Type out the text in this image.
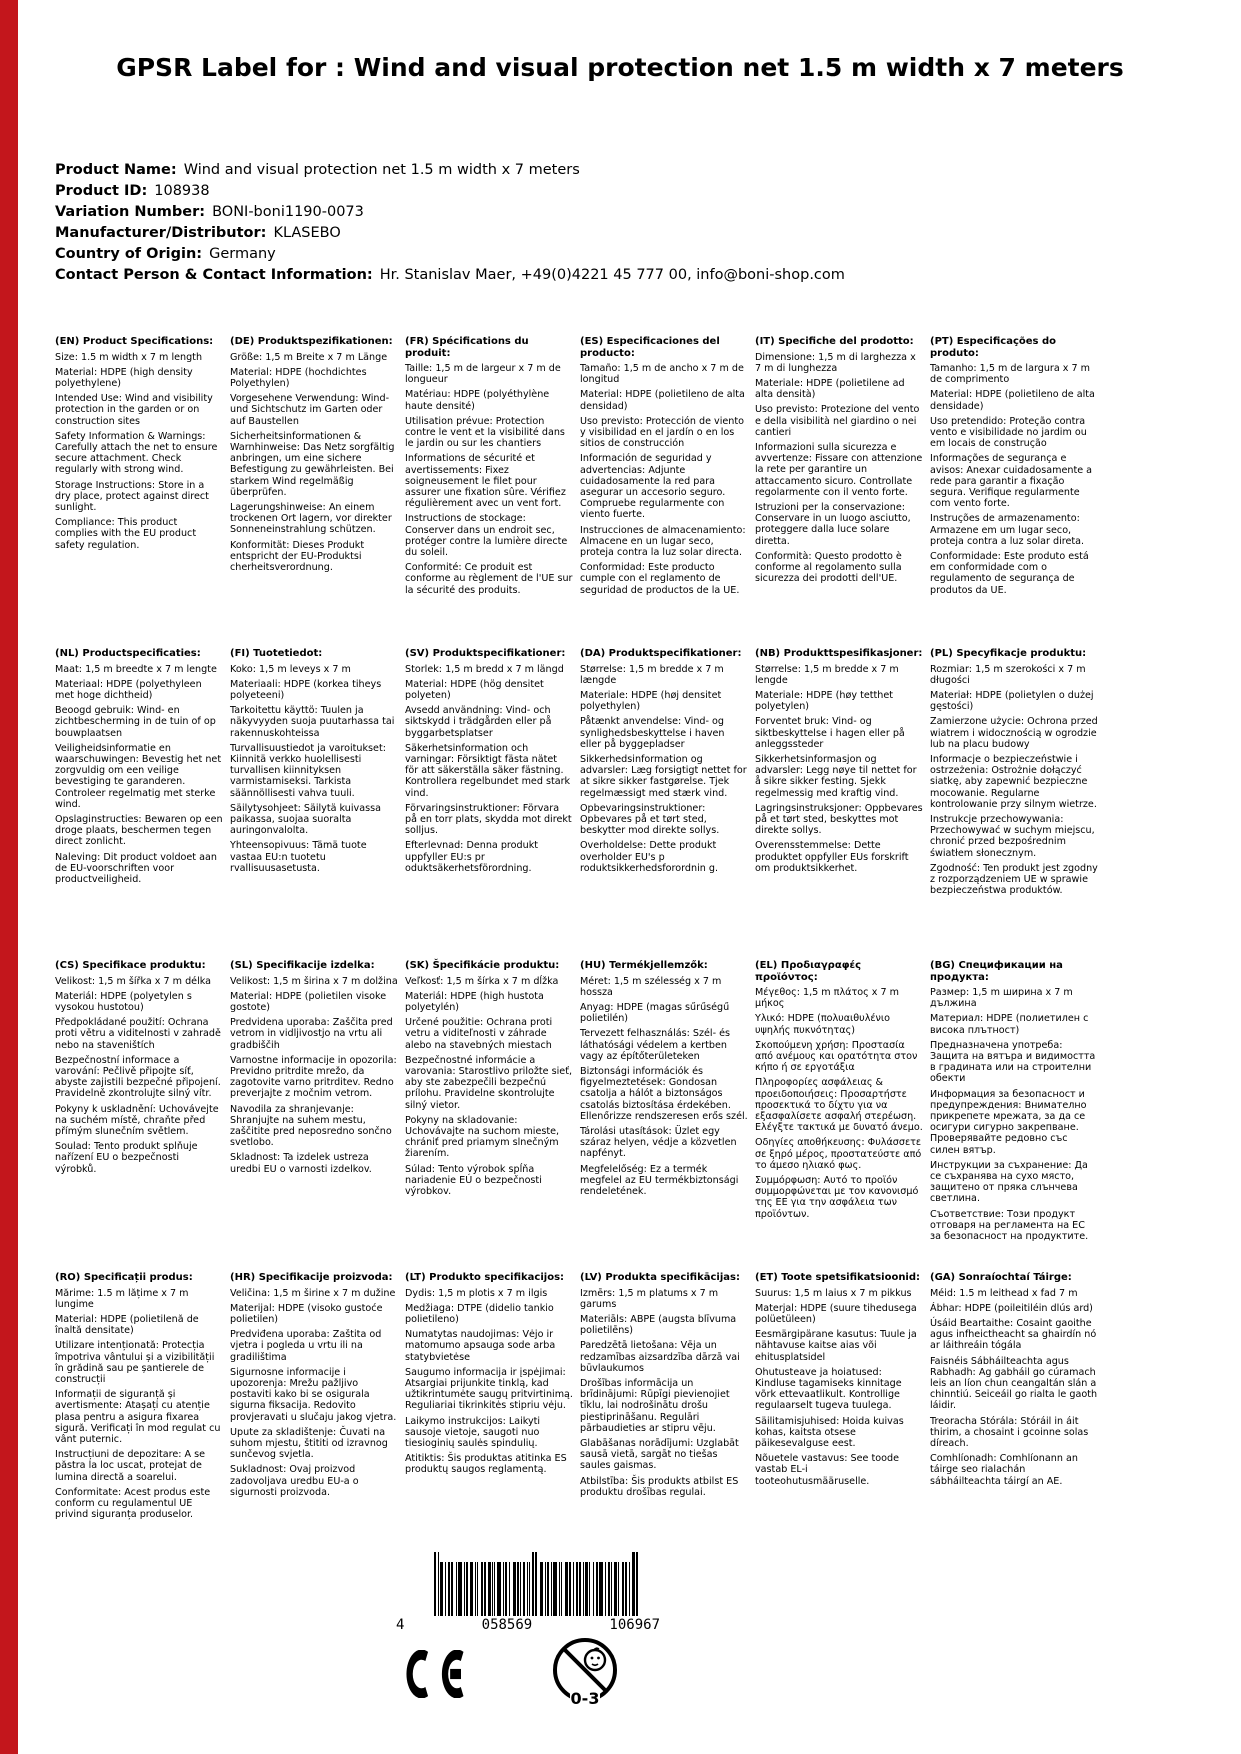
GPSR Label for : Wind and visual protection net 1.5 m width x 7 meters
Product Name: Wind and visual protection net 1.5 m width x 7 meters
Product ID: 108938
Variation Number: BONI-boni1190-0073
Manufacturer/Distributor: KLASEBO
Country of Origin: Germany
Contact Person & Contact Information: Hr. Stanislav Maer, +49(0)4221 45 777 00, info@boni-shop.com
(EN) Product Specifications:

Size: 1.5 m width x 7 m length

Material: HDPE (high density polyethylene)

Intended Use: Wind and visibility protection in the garden or on construction sites

Safety Information & Warnings: Carefully attach the net to ensure secure attachment. Check regularly with strong wind.

Storage Instructions: Store in a dry place, protect against direct sunlight.

Compliance: This product complies with the EU product safety regulation.

(DE) Produktspezifikationen:

Größe: 1,5 m Breite x 7 m Länge

Material: HDPE (hochdichtes Polyethylen)

Vorgesehene Verwendung: Wind- und Sichtschutz im Garten oder auf Baustellen

Sicherheitsinformationen & Warnhinweise: Das Netz sorgfältig anbringen, um eine sichere Befestigung zu gewährleisten. Bei starkem Wind regelmäßig überprüfen.

Lagerungshinweise: An einem trockenen Ort lagern, vor direkter Sonneneinstrahlung schützen.

Konformität: Dieses Produkt entspricht der EU-Produktsi cherheitsverordnung.

(FR) Spécifications du produit:

Taille: 1,5 m de largeur x 7 m de longueur

Matériau: HDPE (polyéthylène haute densité)

Utilisation prévue: Protection contre le vent et la visibilité dans le jardin ou sur les chantiers

Informations de sécurité et avertissements: Fixez soigneusement le filet pour assurer une fixation sûre. Vérifiez régulièrement avec un vent fort.

Instructions de stockage: Conserver dans un endroit sec, protéger contre la lumière directe du soleil.

Conformité: Ce produit est conforme au règlement de l'UE sur la sécurité des produits.

(ES) Especificaciones del producto:

Tamaño: 1,5 m de ancho x 7 m de longitud

Material: HDPE (polietileno de alta densidad)

Uso previsto: Protección de viento y visibilidad en el jardín o en los sitios de construcción

Información de seguridad y advertencias: Adjunte cuidadosamente la red para asegurar un accesorio seguro. Compruebe regularmente con viento fuerte.

Instrucciones de almacenamiento: Almacene en un lugar seco, proteja contra la luz solar directa.

Conformidad: Este producto cumple con el reglamento de seguridad de productos de la UE.

(IT) Specifiche del prodotto:

Dimensione: 1,5 m di larghezza x 7 m di lunghezza

Materiale: HDPE (polietilene ad alta densità)

Uso previsto: Protezione del vento e della visibilità nel giardino o nei cantieri

Informazioni sulla sicurezza e avvertenze: Fissare con attenzione la rete per garantire un attaccamento sicuro. Controllate regolarmente con il vento forte.

Istruzioni per la conservazione: Conservare in un luogo asciutto, proteggere dalla luce solare diretta.

Conformità: Questo prodotto è conforme al regolamento sulla sicurezza dei prodotti dell'UE.

(PT) Especificações do produto:

Tamanho: 1,5 m de largura x 7 m de comprimento

Material: HDPE (polietileno de alta densidade)

Uso pretendido: Proteção contra vento e visibilidade no jardim ou em locais de construção

Informações de segurança e avisos: Anexar cuidadosamente a rede para garantir a fixação segura. Verifique regularmente com vento forte.

Instruções de armazenamento: Armazene em um lugar seco, proteja contra a luz solar direta.

Conformidade: Este produto está em conformidade com o regulamento de segurança de produtos da UE.

(NL) Productspecificaties:

Maat: 1,5 m breedte x 7 m lengte

Materiaal: HDPE (polyethyleen met hoge dichtheid)

Beoogd gebruik: Wind- en zichtbescherming in de tuin of op bouwplaatsen

Veiligheidsinformatie en waarschuwingen: Bevestig het net zorgvuldig om een veilige bevestiging te garanderen. Controleer regelmatig met sterke wind.

Opslaginstructies: Bewaren op een droge plaats, beschermen tegen direct zonlicht.

Naleving: Dit product voldoet aan de EU-voorschriften voor productveiligheid.

(FI) Tuotetiedot:

Koko: 1,5 m leveys x 7 m

Materiaali: HDPE (korkea tiheys polyeteeni)

Tarkoitettu käyttö: Tuulen ja näkyvyyden suoja puutarhassa tai rakennuskohteissa

Turvallisuustiedot ja varoitukset: Kiinnitä verkko huolellisesti turvallisen kiinnityksen varmistamiseksi. Tarkista säännöllisesti vahva tuuli.

Säilytysohjeet: Säilytä kuivassa paikassa, suojaa suoralta auringonvalolta.

Yhteensopivuus: Tämä tuote vastaa EU:n tuotetu rvallisuusasetusta.

(SV) Produktspecifikationer:

Storlek: 1,5 m bredd x 7 m längd

Material: HDPE (hög densitet polyeten)

Avsedd användning: Vind- och siktskydd i trädgården eller på byggarbetsplatser

Säkerhetsinformation och varningar: Försiktigt fästa nätet för att säkerställa säker fästning. Kontrollera regelbundet med stark vind.

Förvaringsinstruktioner: Förvara på en torr plats, skydda mot direkt solljus.

Efterlevnad: Denna produkt uppfyller EU:s pr oduktsäkerhetsförordning.

(DA) Produktspecifikationer:

Størrelse: 1,5 m bredde x 7 m længde

Materiale: HDPE (høj densitet polyethylen)

Påtænkt anvendelse: Vind- og synlighedsbeskyttelse i haven eller på byggepladser

Sikkerhedsinformation og advarsler: Læg forsigtigt nettet for at sikre sikker fastgørelse. Tjek regelmæssigt med stærk vind.

Opbevaringsinstruktioner: Opbevares på et tørt sted, beskytter mod direkte sollys.

Overholdelse: Dette produkt overholder EU's p roduktsikkerhedsforordnin g.

(NB) Produkttspesifikasjoner:

Størrelse: 1,5 m bredde x 7 m lengde

Materiale: HDPE (høy tetthet polyetylen)

Forventet bruk: Vind- og siktbeskyttelse i hagen eller på anleggssteder

Sikkerhetsinformasjon og advarsler: Legg nøye til nettet for å sikre sikker festing. Sjekk regelmessig med kraftig vind.

Lagringsinstruksjoner: Oppbevares på et tørt sted, beskyttes mot direkte sollys.

Overensstemmelse: Dette produktet oppfyller EUs forskrift om produktsikkerhet.

(PL) Specyfikacje produktu:

Rozmiar: 1,5 m szerokości x 7 m długości

Materiał: HDPE (polietylen o dużej gęstości)

Zamierzone użycie: Ochrona przed wiatrem i widocznością w ogrodzie lub na placu budowy

Informacje o bezpieczeństwie i ostrzeżenia: Ostrożnie dołączyć siatkę, aby zapewnić bezpieczne mocowanie. Regularne kontrolowanie przy silnym wietrze.

Instrukcje przechowywania: Przechowywać w suchym miejscu, chronić przed bezpośrednim światłem słonecznym.

Zgodność: Ten produkt jest zgodny z rozporządzeniem UE w sprawie bezpieczeństwa produktów.

(CS) Specifikace produktu:

Velikost: 1,5 m šířka x 7 m délka

Materiál: HDPE (polyetylen s vysokou hustotou)

Předpokládané použití: Ochrana proti větru a viditelnosti v zahradě nebo na staveništích

Bezpečnostní informace a varování: Pečlivě připojte síť, abyste zajistili bezpečné připojení. Pravidelně zkontrolujte silný vítr.

Pokyny k uskladnění: Uchovávejte na suchém místě, chraňte před přímým slunečním světlem.

Soulad: Tento produkt splňuje nařízení EU o bezpečnosti výrobků.

(SL) Specifikacije izdelka:

Velikost: 1,5 m širina x 7 m dolžina

Material: HDPE (polietilen visoke gostote)

Predvidena uporaba: Zaščita pred vetrom in vidljivostjo na vrtu ali gradbiščih

Varnostne informacije in opozorila: Previdno pritrdite mrežo, da zagotovite varno pritrditev. Redno preverjajte z močnim vetrom.

Navodila za shranjevanje: Shranjujte na suhem mestu, zaščitite pred neposredno sončno svetlobo.

Skladnost: Ta izdelek ustreza uredbi EU o varnosti izdelkov.

(SK) Špecifikácie produktu:

Veľkosť: 1,5 m šírka x 7 m dĺžka

Materiál: HDPE (high hustota polyetylén)

Určené použitie: Ochrana proti vetru a viditeľnosti v záhrade alebo na stavebných miestach

Bezpečnostné informácie a varovania: Starostlivo priložte sieť, aby ste zabezpečili bezpečnú prílohu. Pravidelne skontrolujte silný vietor.

Pokyny na skladovanie: Uchovávajte na suchom mieste, chrániť pred priamym slnečným žiarením.

Súlad: Tento výrobok spĺňa nariadenie EÚ o bezpečnosti výrobkov.

(HU) Termékjellemzők:

Méret: 1,5 m szélesség x 7 m hossza

Anyag: HDPE (magas sűrűségű polietilén)

Tervezett felhasználás: Szél- és láthatósági védelem a kertben vagy az építőterületeken

Biztonsági információk és figyelmeztetések: Gondosan csatolja a hálót a biztonságos csatolás biztosítása érdekében. Ellenőrizze rendszeresen erős szél.

Tárolási utasítások: Üzlet egy száraz helyen, védje a közvetlen napfényt.

Megfelelőség: Ez a termék megfelel az EU termékbiztonsági rendeletének.

(EL) Προδιαγραφές προϊόντος:

Μέγεθος: 1,5 m πλάτος x 7 m μήκος

Υλικό: HDPE (πολυαιθυλένιο υψηλής πυκνότητας)

Σκοπούμενη χρήση: Προστασία από ανέμους και ορατότητα στον κήπο ή σε εργοτάξια

Πληροφορίες ασφάλειας & προειδοποιήσεις: Προσαρτήστε προσεκτικά το δίχτυ για να εξασφαλίσετε ασφαλή στερέωση. Ελέγξτε τακτικά με δυνατό άνεμο.

Οδηγίες αποθήκευσης: Φυλάσσετε σε ξηρό μέρος, προστατεύστε από το άμεσο ηλιακό φως.

Συμμόρφωση: Αυτό το προϊόν συμμορφώνεται με τον κανονισμό της ΕΕ για την ασφάλεια των προϊόντων.

(BG) Спецификации на продукта:

Размер: 1,5 m ширина x 7 m дължина

Материал: HDPE (полиетилен с висока плътност)

Предназначена употреба: Защита на вятъра и видимостта в градината или на строителни обекти

Информация за безопасност и предупреждения: Внимателно прикрепете мрежата, за да се осигури сигурно закрепване. Проверявайте редовно със силен вятър.

Инструкции за съхранение: Да се съхранява на сухо място, защитено от пряка слънчева светлина.

Съответствие: Този продукт отговаря на регламента на ЕС за безопасност на продуктите.

(RO) Specificații produs:

Mărime: 1.5 m lățime x 7 m lungime

Material: HDPE (polietilenă de înaltă densitate)

Utilizare intenționată: Protecția împotriva vântului și a vizibilității în grădină sau pe șantierele de construcții

Informații de siguranță și avertismente: Atașați cu atenție plasa pentru a asigura fixarea sigură. Verificați în mod regulat cu vânt puternic.

Instrucțiuni de depozitare: A se păstra la loc uscat, protejat de lumina directă a soarelui.

Conformitate: Acest produs este conform cu regulamentul UE privind siguranța produselor.

(HR) Specifikacije proizvoda:

Veličina: 1,5 m širine x 7 m dužine

Materijal: HDPE (visoko gustoće polietilen)

Predviđena uporaba: Zaštita od vjetra i pogleda u vrtu ili na gradilištima

Sigurnosne informacije i upozorenja: Mrežu pažljivo postaviti kako bi se osigurala sigurna fiksacija. Redovito provjeravati u slučaju jakog vjetra.

Upute za skladištenje: Čuvati na suhom mjestu, štititi od izravnog sunčevog svjetla.

Sukladnost: Ovaj proizvod zadovoljava uredbu EU-a o sigurnosti proizvoda.

(LT) Produkto specifikacijos:

Dydis: 1,5 m plotis x 7 m ilgis

Medžiaga: DTPE (didelio tankio polietileno)

Numatytas naudojimas: Vėjo ir matomumo apsauga sode arba statybvietėse

Saugumo informacija ir įspėjimai: Atsargiai prijunkite tinklą, kad užtikrintumėte saugų pritvirtinimą. Reguliariai tikrinkitės stipriu vėju.

Laikymo instrukcijos: Laikyti sausoje vietoje, saugoti nuo tiesioginių saulės spindulių.

Atitiktis: Šis produktas atitinka ES produktų saugos reglamentą.

(LV) Produkta specifikācijas:

Izmērs: 1,5 m platums x 7 m garums

Materiāls: ABPE (augsta blīvuma polietilēns)

Paredzētā lietošana: Vēja un redzamības aizsardzība dārzā vai būvlaukumos

Drošības informācija un brīdinājumi: Rūpīgi pievienojiet tīklu, lai nodrošinātu drošu piestiprināšanu. Regulāri pārbaudieties ar stipru vēju.

Glabāšanas norādījumi: Uzglabāt sausā vietā, sargāt no tiešas saules gaismas.

Atbilstība: Šis produkts atbilst ES produktu drošības regulai.

(ET) Toote spetsifikatsioonid:

Suurus: 1,5 m laius x 7 m pikkus

Materjal: HDPE (suure tihedusega polüetüleen)

Eesmärgipärane kasutus: Tuule ja nähtavuse kaitse aias või ehitusplatsidel

Ohutusteave ja hoiatused: Kindluse tagamiseks kinnitage võrk ettevaatlikult. Kontrollige regulaarselt tugeva tuulega.

Säilitamisjuhised: Hoida kuivas kohas, kaitsta otsese päikesevalguse eest.

Nõuetele vastavus: See toode vastab EL-i tooteohutusmääruselle.

(GA) Sonraíochtaí Táirge:

Méid: 1.5 m leithead x fad 7 m

Ábhar: HDPE (poileitiléin dlús ard)

Úsáid Beartaithe: Cosaint gaoithe agus infheictheacht sa ghairdín nó ar láithreáin tógála

Faisnéis Sábháilteachta agus Rabhadh: Ag gabháil go cúramach leis an líon chun ceangaltán slán a chinntiú. Seiceáil go rialta le gaoth láidir.

Treoracha Stórála: Stóráil in áit thirim, a chosaint i gcoinne solas díreach.

Comhlíonadh: Comhlíonann an táirge seo rialachán sábháilteachta táirgí an AE.

4	058569	106967
0-3
